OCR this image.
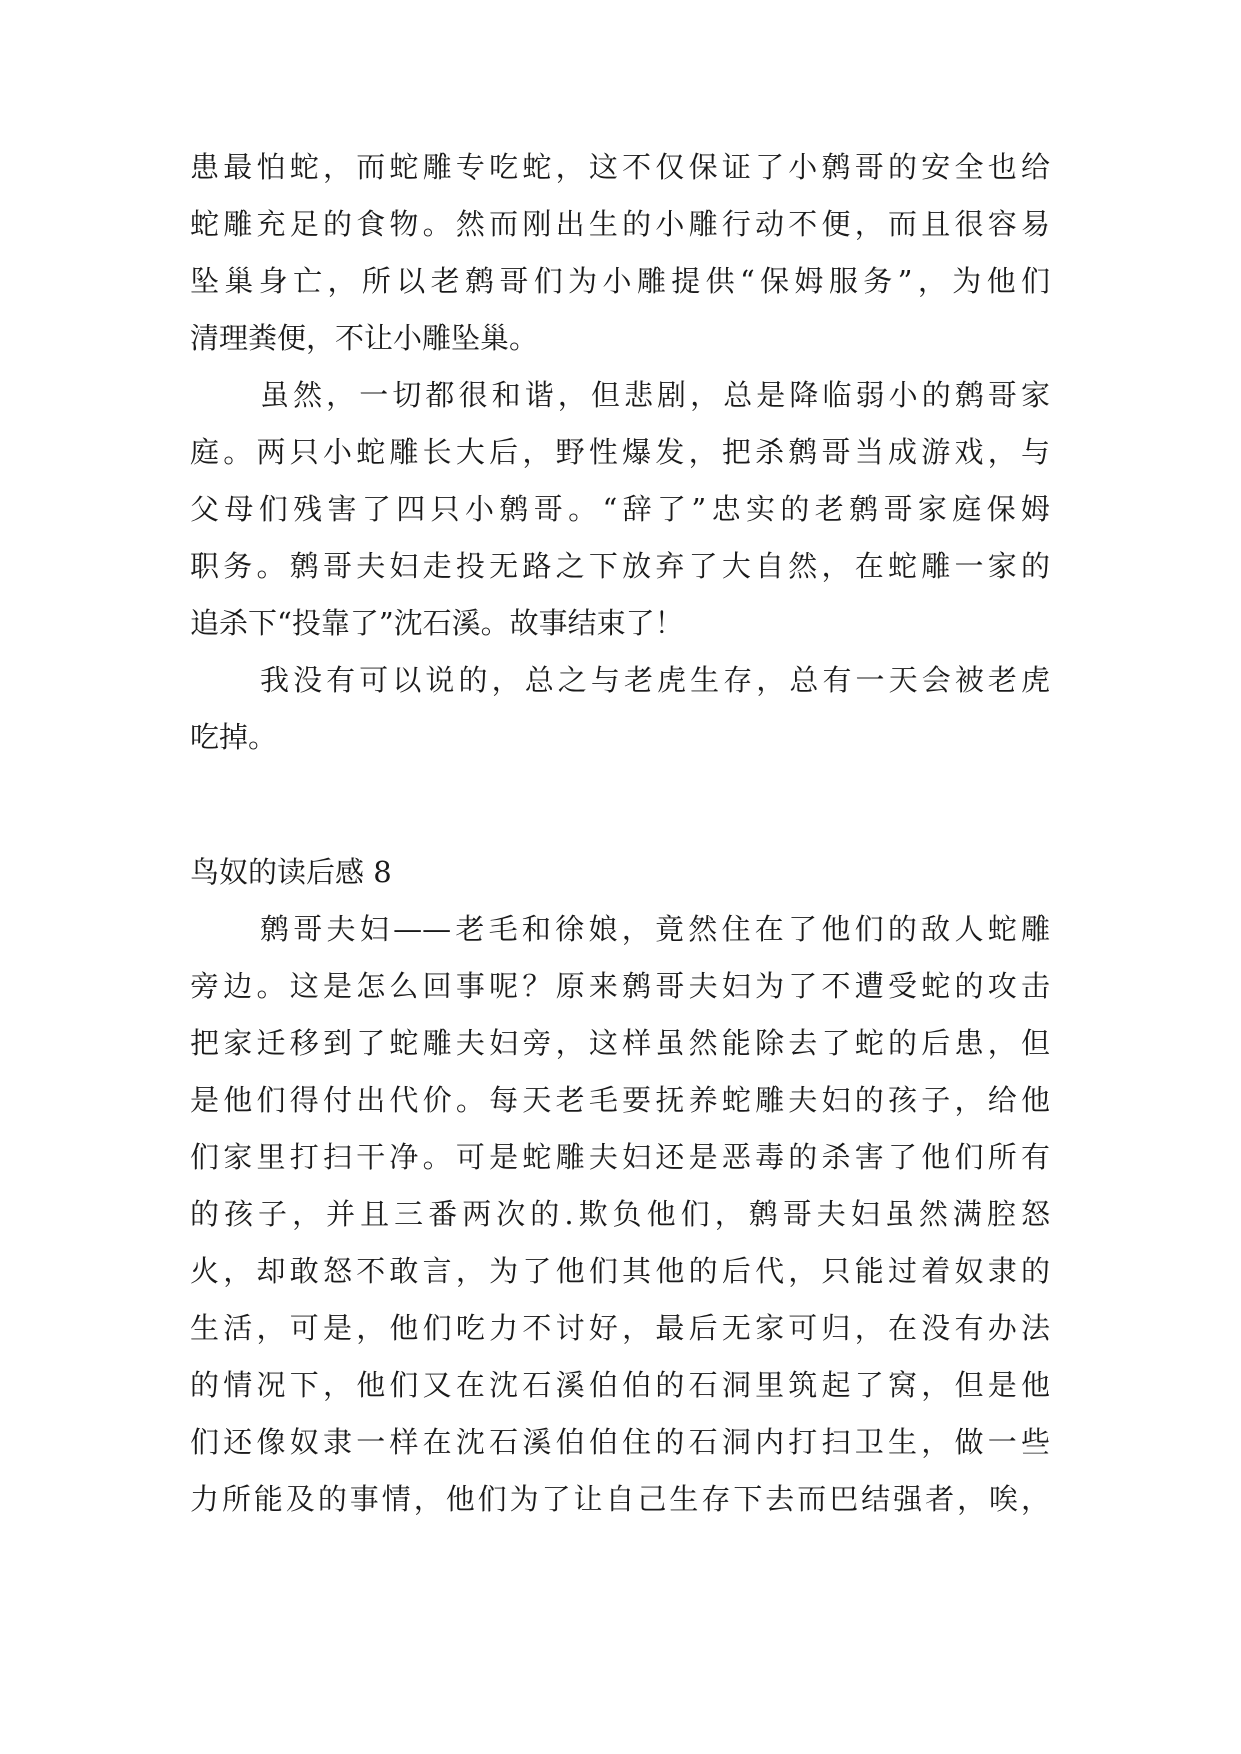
患最怕蛇，而蛇雕专吃蛇，这不仅保证了小鹩哥的安全也给
蛇雕充足的食物。然而刚出生的小雕行动不便，而且很容易
坠巢身亡，所以老鹩哥们为小雕提供“保姆服务”，为他们
清理粪便，不让小雕坠巢。
虽然，一切都很和谐，但悲剧，总是降临弱小的鹩哥家
庭。两只小蛇雕长大后，野性爆发，把杀鹩哥当成游戏，与
父母们残害了四只小鹩哥。“辞了”忠实的老鹩哥家庭保姆
职务。鹩哥夫妇走投无路之下放弃了大自然，在蛇雕一家的
追杀下“投靠了”沈石溪。故事结束了！
我没有可以说的，总之与老虎生存，总有一天会被老虎
吃掉。
鸟奴的读后感 8
鹩哥夫妇——老毛和徐娘，竟然住在了他们的敌人蛇雕
旁边。这是怎么回事呢？原来鹩哥夫妇为了不遭受蛇的攻击
把家迁移到了蛇雕夫妇旁，这样虽然能除去了蛇的后患，但
是他们得付出代价。每天老毛要抚养蛇雕夫妇的孩子，给他
们家里打扫干净。可是蛇雕夫妇还是恶毒的杀害了他们所有
的孩子，并且三番两次的.欺负他们，鹩哥夫妇虽然满腔怒
火，却敢怒不敢言，为了他们其他的后代，只能过着奴隶的
生活，可是，他们吃力不讨好，最后无家可归，在没有办法
的情况下，他们又在沈石溪伯伯的石洞里筑起了窝，但是他
们还像奴隶一样在沈石溪伯伯住的石洞内打扫卫生，做一些
力所能及的事情，他们为了让自己生存下去而巴结强者，唉，
